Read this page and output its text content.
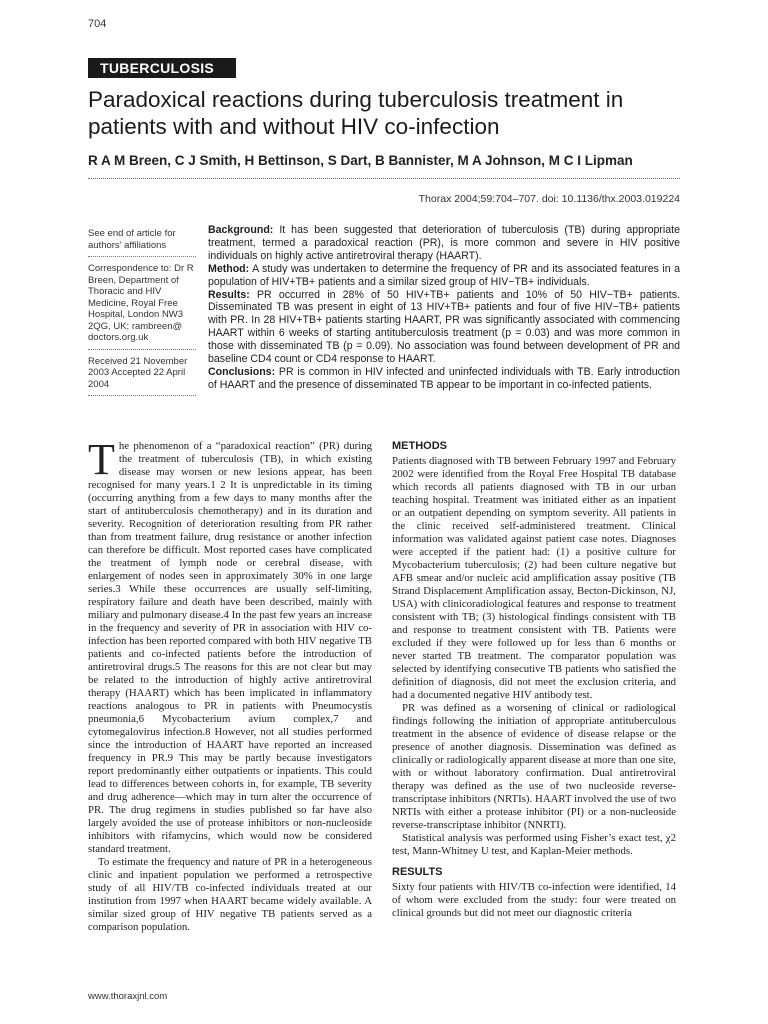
704
TUBERCULOSIS
Paradoxical reactions during tuberculosis treatment in patients with and without HIV co-infection
R A M Breen, C J Smith, H Bettinson, S Dart, B Bannister, M A Johnson, M C I Lipman
Thorax 2004;59:704–707. doi: 10.1136/thx.2003.019224

See end of article for authors’ affiliations

Correspondence to: Dr R Breen, Department of Thoracic and HIV Medicine, Royal Free Hospital, London NW3 2QG, UK; rambreen@ doctors.org.uk

Received 21 November 2003 Accepted 22 April 2004

Background: It has been suggested that deterioration of tuberculosis (TB) during appropriate treatment, termed a paradoxical reaction (PR), is more common and severe in HIV positive individuals on highly active antiretroviral therapy (HAART).

Method: A study was undertaken to determine the frequency of PR and its associated features in a population of HIV+TB+ patients and a similar sized group of HIV−TB+ individuals.

Results: PR occurred in 28% of 50 HIV+TB+ patients and 10% of 50 HIV−TB+ patients. Disseminated TB was present in eight of 13 HIV+TB+ patients and four of five HIV−TB+ patients with PR. In 28 HIV+TB+ patients starting HAART, PR was significantly associated with commencing HAART within 6 weeks of starting antituberculosis treatment (p = 0.03) and was more common in those with disseminated TB (p = 0.09). No association was found between development of PR and baseline CD4 count or CD4 response to HAART.

Conclusions: PR is common in HIV infected and uninfected individuals with TB. Early introduction of HAART and the presence of disseminated TB appear to be important in co-infected patients.

The phenomenon of a “paradoxical reaction” (PR) during the treatment of tuberculosis (TB), in which existing disease may worsen or new lesions appear, has been recognised for many years.1 2 It is unpredictable in its timing (occurring anything from a few days to many months after the start of antituberculosis chemotherapy) and in its duration and severity. Recognition of deterioration resulting from PR rather than from treatment failure, drug resistance or another infection can therefore be difficult. Most reported cases have complicated the treatment of lymph node or cerebral disease, with enlargement of nodes seen in approximately 30% in one large series.3 While these occurrences are usually self-limiting, respiratory failure and death have been described, mainly with miliary and pulmonary disease.4 In the past few years an increase in the frequency and severity of PR in association with HIV co-infection has been reported compared with both HIV negative TB patients and co-infected patients before the introduction of antiretroviral drugs.5 The reasons for this are not clear but may be related to the introduction of highly active antiretroviral therapy (HAART) which has been implicated in inflammatory reactions analogous to PR in patients with Pneumocystis pneumonia,6 Mycobacterium avium complex,7 and cytomegalovirus infection.8 However, not all studies performed since the introduction of HAART have reported an increased frequency in PR.9 This may be partly because investigators report predominantly either outpatients or inpatients. This could lead to differences between cohorts in, for example, TB severity and drug adherence—which may in turn alter the occurrence of PR. The drug regimens in studies published so far have also largely avoided the use of protease inhibitors or non-nucleoside inhibitors with rifamycins, which would now be considered standard treatment.

To estimate the frequency and nature of PR in a heterogeneous clinic and inpatient population we performed a retrospective study of all HIV/TB co-infected individuals treated at our institution from 1997 when HAART became widely available. A similar sized group of HIV negative TB patients served as a comparison population.

METHODS

Patients diagnosed with TB between February 1997 and February 2002 were identified from the Royal Free Hospital TB database which records all patients diagnosed with TB in our urban teaching hospital. Treatment was initiated either as an inpatient or an outpatient depending on symptom severity. All patients in the clinic received self-administered treatment. Clinical information was validated against patient case notes. Diagnoses were accepted if the patient had: (1) a positive culture for Mycobacterium tuberculosis; (2) had been culture negative but AFB smear and/or nucleic acid amplification assay positive (TB Strand Displacement Amplification assay, Becton-Dickinson, NJ, USA) with clinicoradiological features and response to treatment consistent with TB; (3) histological findings consistent with TB and response to treatment consistent with TB. Patients were excluded if they were followed up for less than 6 months or never started TB treatment. The comparator population was selected by identifying consecutive TB patients who satisfied the definition of diagnosis, did not meet the exclusion criteria, and had a documented negative HIV antibody test.

PR was defined as a worsening of clinical or radiological findings following the initiation of appropriate antituberculous treatment in the absence of evidence of disease relapse or the presence of another diagnosis. Dissemination was defined as clinically or radiologically apparent disease at more than one site, with or without laboratory confirmation. Dual antiretroviral therapy was defined as the use of two nucleoside reverse-transcriptase inhibitors (NRTIs). HAART involved the use of two NRTIs with either a protease inhibitor (PI) or a non-nucleoside reverse-transcriptase inhibitor (NNRTI).

Statistical analysis was performed using Fisher’s exact test, χ2 test, Mann-Whitney U test, and Kaplan-Meier methods.

RESULTS

Sixty four patients with HIV/TB co-infection were identified, 14 of whom were excluded from the study: four were treated on clinical grounds but did not meet our diagnostic criteria

www.thoraxjnl.com
